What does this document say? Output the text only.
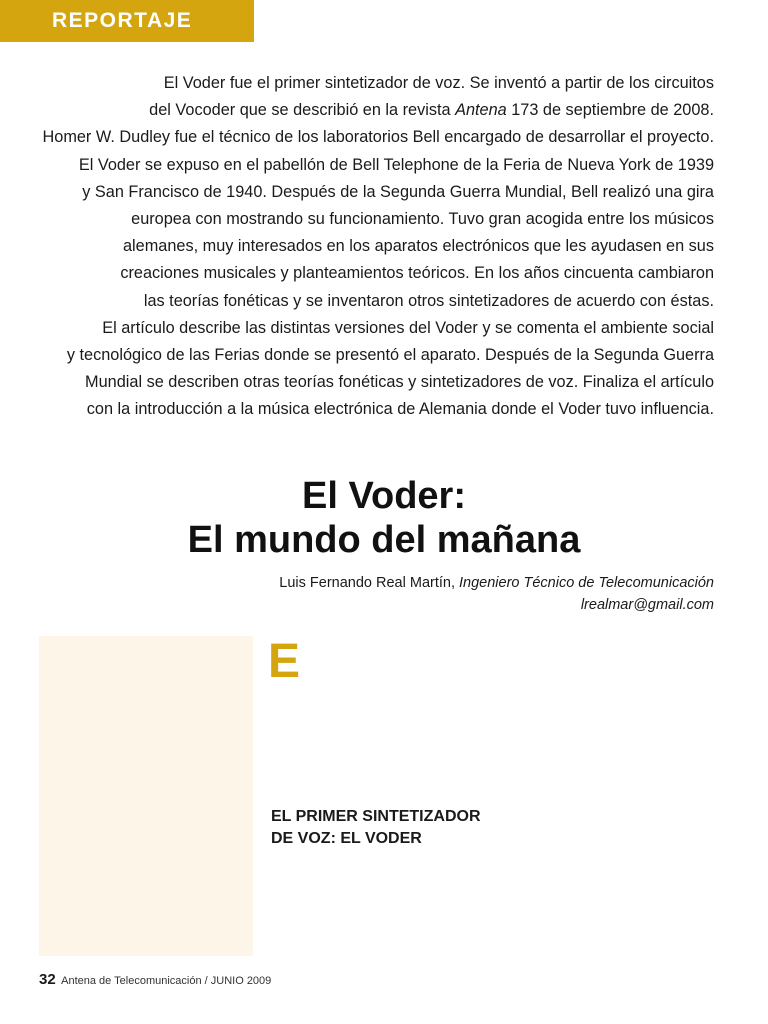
REPORTAJE

El Voder fue el primer sintetizador de voz. Se inventó a partir de los circuitos
del Vocoder que se describió en la revista Antena 173 de septiembre de 2008.
Homer W. Dudley fue el técnico de los laboratorios Bell encargado de desarrollar el proyecto.
El Voder se expuso en el pabellón de Bell Telephone de la Feria de Nueva York de 1939
y San Francisco de 1940. Después de la Segunda Guerra Mundial, Bell realizó una gira
europea con mostrando su funcionamiento. Tuvo gran acogida entre los músicos
alemanes, muy interesados en los aparatos electrónicos que les ayudasen en sus
creaciones musicales y planteamientos teóricos. En los años cincuenta cambiaron
las teorías fonéticas y se inventaron otros sintetizadores de acuerdo con éstas.
El artículo describe las distintas versiones del Voder y se comenta el ambiente social
y tecnológico de las Ferias donde se presentó el aparato. Después de la Segunda Guerra
Mundial se describen otras teorías fonéticas y sintetizadores de voz. Finaliza el artículo
con la introducción a la música electrónica de Alemania donde el Voder tuvo influencia.

El Voder:
El mundo del mañana
Luis Fernando Real Martín, Ingeniero Técnico de Telecomunicación
lrealmar@gmail.com
E
EL PRIMER SINTETIZADOR
DE VOZ: EL VODER
32 Antena de Telecomunicación / JUNIO 2009
